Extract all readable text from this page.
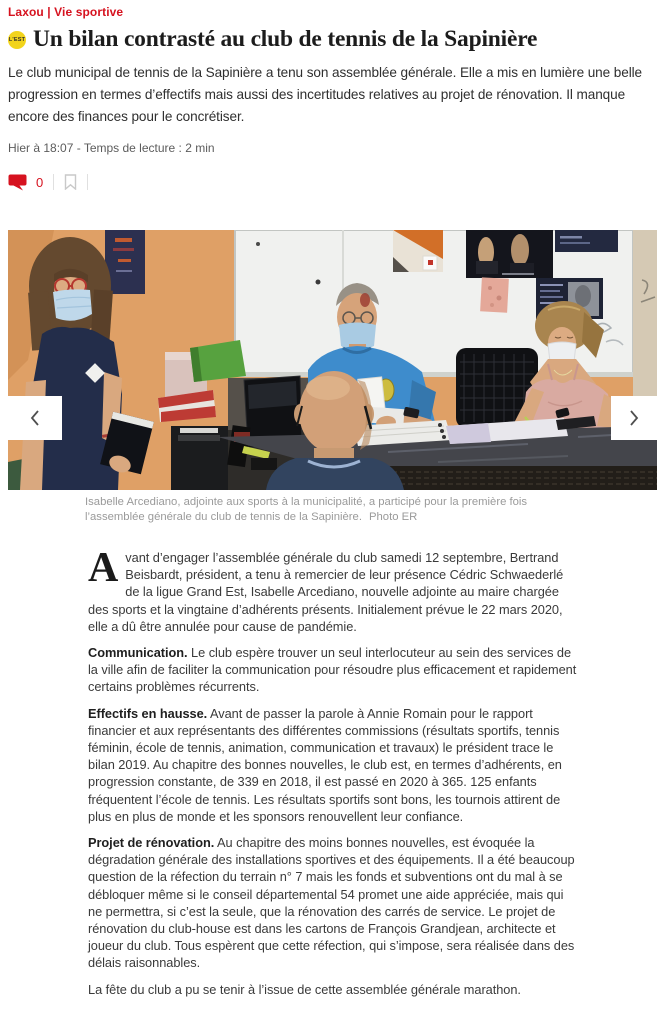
Laxou | Vie sportive
L'EST Un bilan contrasté au club de tennis de la Sapinière
Le club municipal de tennis de la Sapinière a tenu son assemblée générale. Elle a mis en lumière une belle progression en termes d’effectifs mais aussi des incertitudes relatives au projet de rénovation. Il manque encore des finances pour le concrétiser.
Hier à 18:07 - Temps de lecture : 2 min
0
Isabelle Arcediano, adjointe aux sports à la municipalité, a participé pour la première fois l’assemblée générale du club de tennis de la Sapinière. Photo ER

Avant d’engager l’assemblée générale du club samedi 12 septembre, Bertrand Beisbardt, président, a tenu à remercier de leur présence Cédric Schwaederlé de la ligue Grand Est, Isabelle Arcediano, nouvelle adjointe au maire chargée des sports et la vingtaine d’adhérents présents. Initialement prévue le 22 mars 2020, elle a dû être annulée pour cause de pandémie.

Communication. Le club espère trouver un seul interlocuteur au sein des services de la ville afin de faciliter la communication pour résoudre plus efficacement et rapidement certains problèmes récurrents.

Effectifs en hausse. Avant de passer la parole à Annie Romain pour le rapport financier et aux représentants des différentes commissions (résultats sportifs, tennis féminin, école de tennis, animation, communication et travaux) le président trace le bilan 2019. Au chapitre des bonnes nouvelles, le club est, en termes d’adhérents, en progression constante, de 339 en 2018, il est passé en 2020 à 365. 125 enfants fréquentent l’école de tennis. Les résultats sportifs sont bons, les tournois attirent de plus en plus de monde et les sponsors renouvellent leur confiance.

Projet de rénovation. Au chapitre des moins bonnes nouvelles, est évoquée la dégradation générale des installations sportives et des équipements. Il a été beaucoup question de la réfection du terrain n° 7 mais les fonds et subventions ont du mal à se débloquer même si le conseil départemental 54 promet une aide appréciée, mais qui ne permettra, si c’est la seule, que la rénovation des carrés de service. Le projet de rénovation du club-house est dans les cartons de François Grandjean, architecte et joueur du club. Tous espèrent que cette réfection, qui s’impose, sera réalisée dans des délais raisonnables.

La fête du club a pu se tenir à l’issue de cette assemblée générale marathon.
